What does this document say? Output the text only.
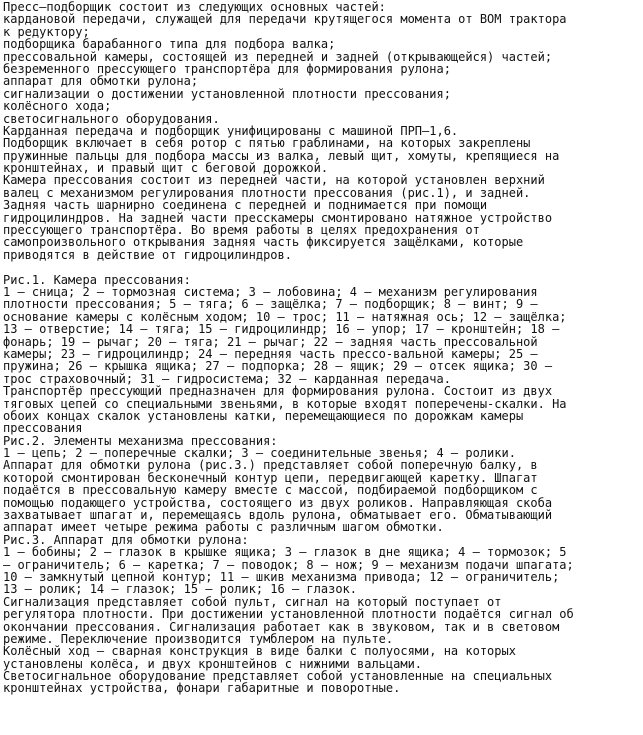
Пресс–подборщик состоит из следующих основных частей:
кардановой передачи, служащей для передачи крутящегося момента от ВОМ трактора
к редуктору;
подборщика барабанного типа для подбора валка;
прессовальной камеры, состоящей из передней и задней (открывающейся) частей;
безременного прессующего транспортёра для формирования рулона;
аппарат для обмотки рулона;
сигнализации о достижении установленной плотности прессования;
колёсного хода;
светосигнального оборудования.
Карданная передача и подборщик унифицированы с машиной ПРП–1,6.
Подборщик включает в себя ротор с пятью граблинами, на которых закреплены
пружинные пальцы для подбора массы из валка, левый щит, хомуты, крепящиеся на
кронштейнах, и правый щит с беговой дорожкой.
Камера прессования состоит из передней части, на которой установлен верхний
валец с механизмом регулирования плотности прессования (рис.1), и задней.
Задняя часть шарнирно соединена с передней и поднимается при помощи
гидроцилиндров. На задней части пресскамеры смонтировано натяжное устройство
прессующего транспортёра. Во время работы в целях предохранения от
самопроизвольного открывания задняя часть фиксируется защёлками, которые
приводятся в действие от гидроцилиндров.
Рис.1. Камера прессования:
1 – сница; 2 – тормозная система; 3 – лобовина; 4 – механизм регулирования
плотности прессования; 5 – тяга; 6 – защёлка; 7 – подборщик; 8 – винт; 9 –
основание камеры с колёсным ходом; 10 – трос; 11 – натяжная ось; 12 – защёлка;
13 – отверстие; 14 – тяга; 15 – гидроцилиндр; 16 – упор; 17 – кронштейн; 18 –
фонарь; 19 – рычаг; 20 – тяга; 21 – рычаг; 22 – задняя часть прессовальной
камеры; 23 – гидроцилиндр; 24 – передняя часть прессо-вальной камеры; 25 –
пружина; 26 – крышка ящика; 27 – подпорка; 28 – ящик; 29 – отсек ящика; 30 –
трос страховочный; 31 – гидросистема; 32 – карданная передача.
Транспортёр прессующий предназначен для формирования рулона. Состоит из двух
тяговых цепей со специальными звеньями, в которые входят поперечены-скалки. На
обоих концах скалок установлены катки, перемещающиеся по дорожкам камеры
прессования
Рис.2. Элементы механизма прессования:
1 – цепь; 2 – поперечные скалки; 3 – соединительные звенья; 4 – ролики.
Аппарат для обмотки рулона (рис.3.) представляет собой поперечную балку, в
которой смонтирован бесконечный контур цепи, передвигающей каретку. Шпагат
подаётся в прессовальную камеру вместе с массой, подбираемой подборщиком с
помощью подающего устройства, состоящего из двух роликов. Направляющая скоба
захватывает шпагат и, перемещаясь вдоль рулона, обматывает его. Обматывающий
аппарат имеет четыре режима работы с различным шагом обмотки.
Рис.3. Аппарат для обмотки рулона:
1 – бобины; 2 – глазок в крышке ящика; 3 – глазок в дне ящика; 4 – тормозок; 5
– ограничитель; 6 – каретка; 7 – поводок; 8 – нож; 9 – механизм подачи шпагата;
10 – замкнутый цепной контур; 11 – шкив механизма привода; 12 – ограничитель;
13 – ролик; 14 – глазок; 15 – ролик; 16 – глазок.
Сигнализация представляет собой пульт, сигнал на который поступает от
регулятора плотности. При достижении установленной плотности подаётся сигнал об
окончании прессования. Сигнализация работает как в звуковом, так и в световом
режиме. Переключение производится тумблером на пульте.
Колёсный ход – сварная конструкция в виде балки с полуосями, на которых
установлены колёса, и двух кронштейнов с нижними вальцами.
Светосигнальное оборудование представляет собой установленные на специальных
кронштейнах устройства, фонари габаритные и поворотные.
